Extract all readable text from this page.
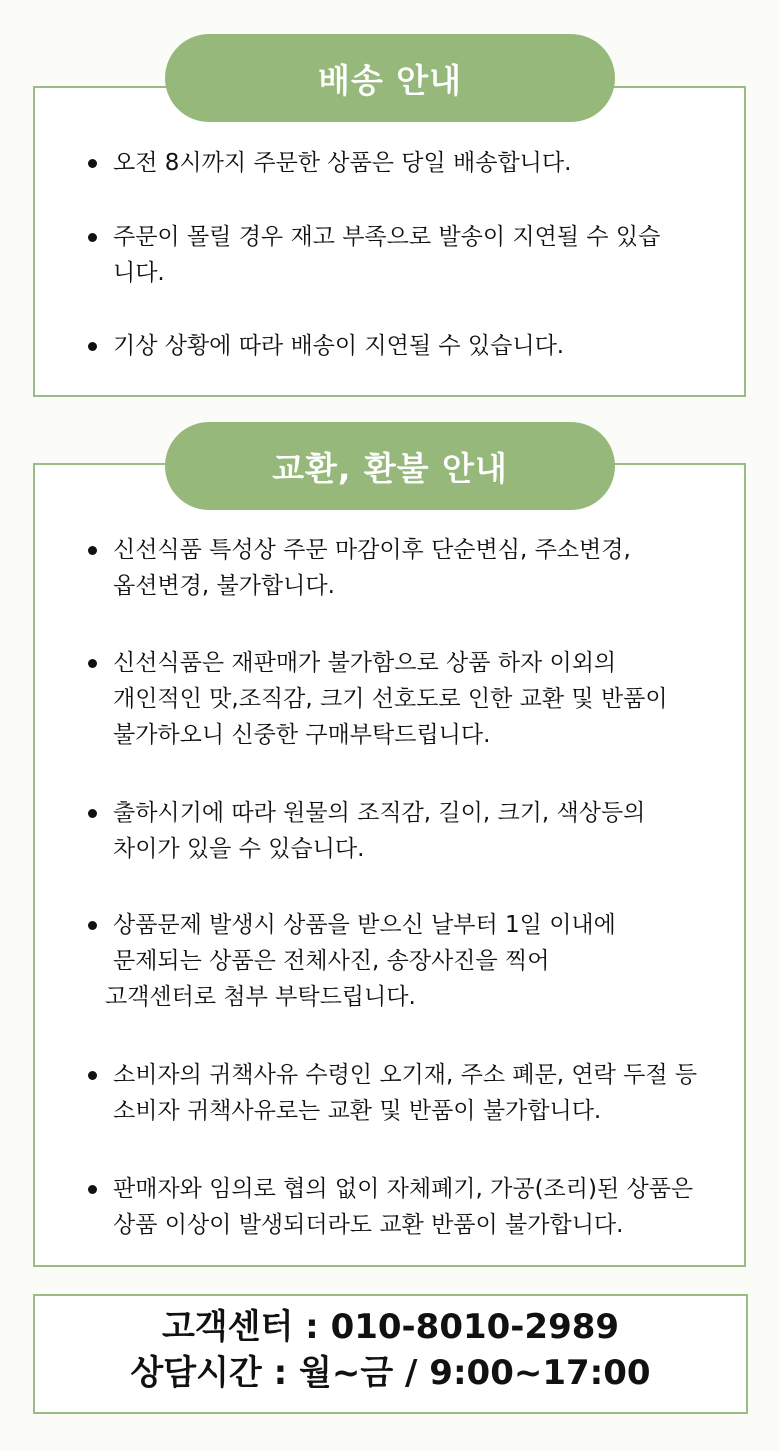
배송 안내
오전 8시까지 주문한 상품은 당일 배송합니다.
주문이 몰릴 경우 재고 부족으로 발송이 지연될 수 있습
니다.
기상 상황에 따라 배송이 지연될 수 있습니다.
교환, 환불 안내
신선식품 특성상 주문 마감이후 단순변심, 주소변경,
옵션변경, 불가합니다.
신선식품은 재판매가 불가함으로 상품 하자 이외의
개인적인 맛,조직감, 크기 선호도로 인한 교환 및 반품이
불가하오니 신중한 구매부탁드립니다.
출하시기에 따라 원물의 조직감, 길이, 크기, 색상등의
차이가 있을 수 있습니다.
상품문제 발생시 상품을 받으신 날부터 1일 이내에
문제되는 상품은 전체사진, 송장사진을 찍어
고객센터로 첨부 부탁드립니다.
소비자의 귀책사유 수령인 오기재, 주소 폐문, 연락 두절 등
소비자 귀책사유로는 교환 및 반품이 불가합니다.
판매자와 임의로 협의 없이 자체폐기, 가공(조리)된 상품은
상품 이상이 발생되더라도 교환 반품이 불가합니다.
고객센터 : 010-8010-2989
상담시간 : 월~금 / 9:00~17:00
